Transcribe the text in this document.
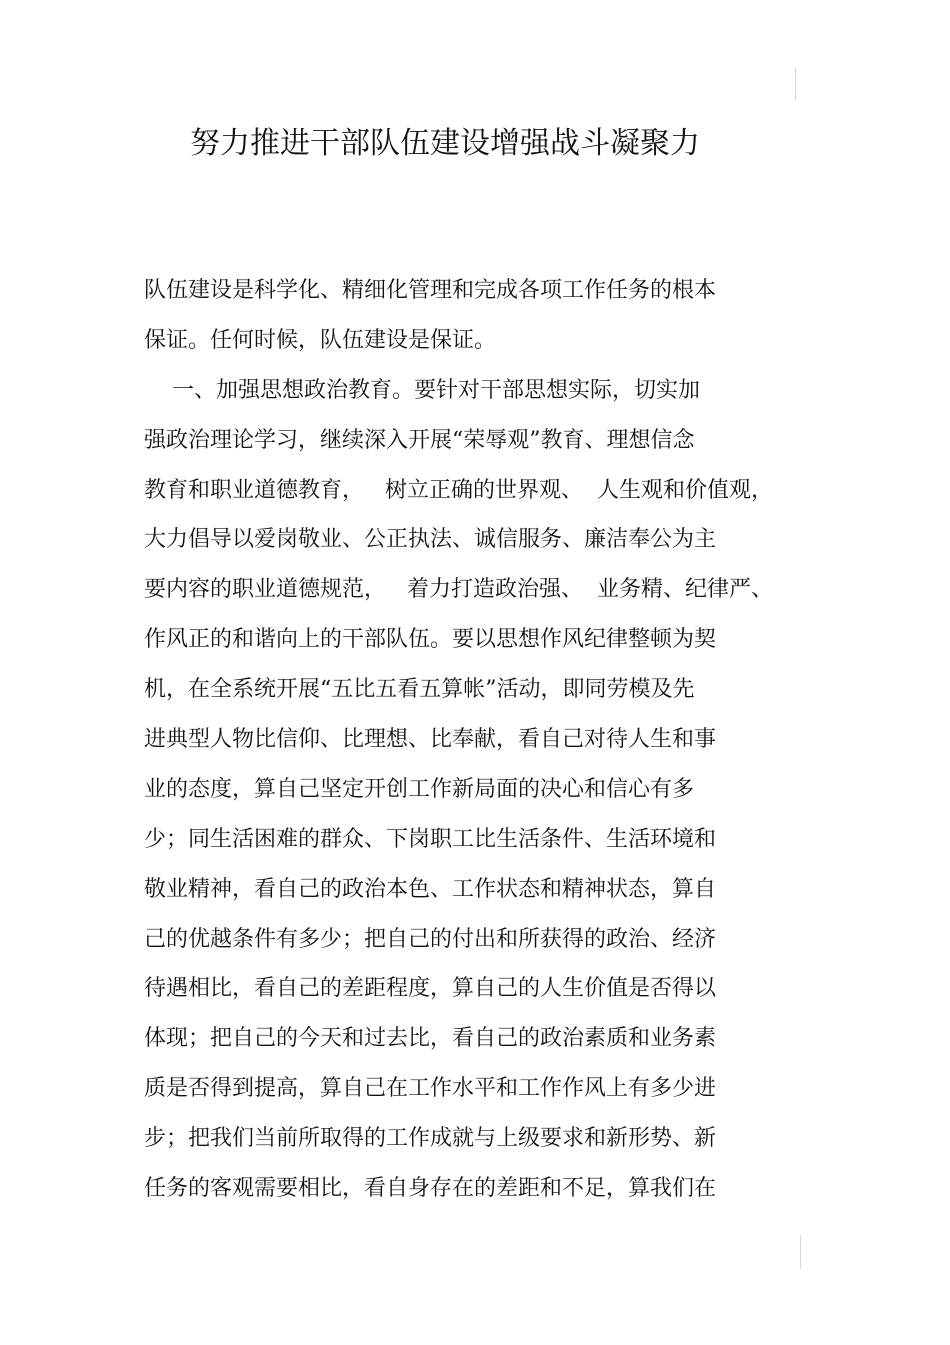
努力推进干部队伍建设增强战斗凝聚力
队伍建设是科学化、精细化管理和完成各项工作任务的根本
保证。任何时候，队伍建设是保证。
一、加强思想政治教育。要针对干部思想实际，切实加
强政治理论学习，继续深入开展“荣辱观”教育、理想信念
教育和职业道德教育，   树立正确的世界观、  人生观和价值观，
大力倡导以爱岗敬业、公正执法、诚信服务、廉洁奉公为主
要内容的职业道德规范，   着力打造政治强、  业务精、纪律严、
作风正的和谐向上的干部队伍。要以思想作风纪律整顿为契
机，在全系统开展“五比五看五算帐”活动，即同劳模及先
进典型人物比信仰、比理想、比奉献，看自己对待人生和事
业的态度，算自己坚定开创工作新局面的决心和信心有多
少；同生活困难的群众、下岗职工比生活条件、生活环境和
敬业精神，看自己的政治本色、工作状态和精神状态，算自
己的优越条件有多少；把自己的付出和所获得的政治、经济
待遇相比，看自己的差距程度，算自己的人生价值是否得以
体现；把自己的今天和过去比，看自己的政治素质和业务素
质是否得到提高，算自己在工作水平和工作作风上有多少进
步；把我们当前所取得的工作成就与上级要求和新形势、新
任务的客观需要相比，看自身存在的差距和不足，算我们在
